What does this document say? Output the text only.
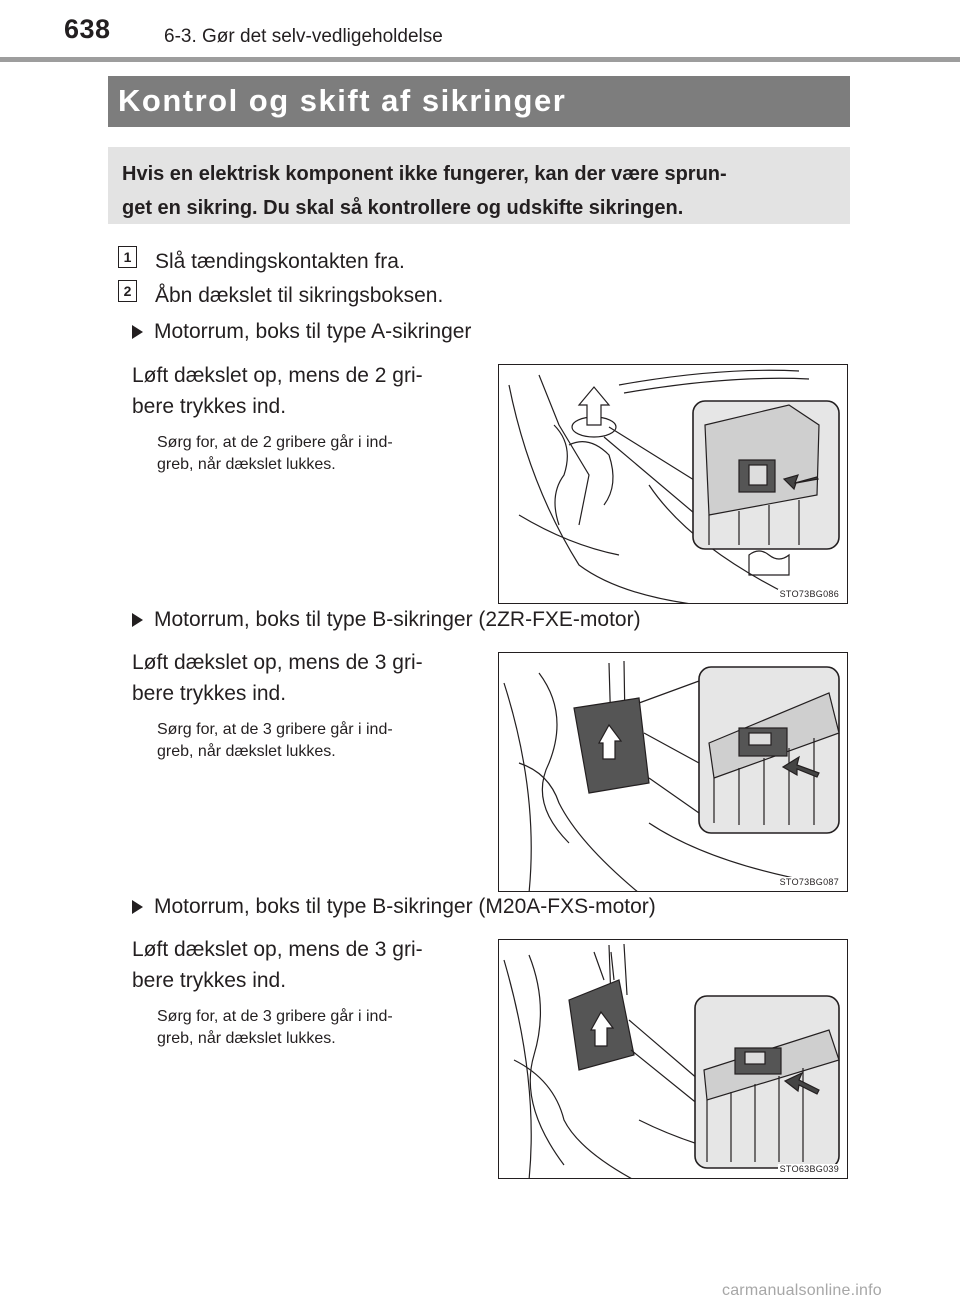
638	6-3. Gør det selv-vedligeholdelse
Kontrol og skift af sikringer

Hvis en elektrisk komponent ikke fungerer, kan der være sprun-

get en sikring. Du skal så kontrollere og udskifte sikringen.

1 Slå tændingskontakten fra.
2 Åbn dækslet til sikringsboksen.
Motorrum, boks til type A-sikringer
Løft dækslet op, mens de 2 gri-
bere trykkes ind.
Sørg for, at de 2 gribere går i ind-
greb, når dækslet lukkes.
STO73BG086
Motorrum, boks til type B-sikringer (2ZR-FXE-motor)
Løft dækslet op, mens de 3 gri-
bere trykkes ind.
Sørg for, at de 3 gribere går i ind-
greb, når dækslet lukkes.
STO73BG087
Motorrum, boks til type B-sikringer (M20A-FXS-motor)
Løft dækslet op, mens de 3 gri-
bere trykkes ind.
Sørg for, at de 3 gribere går i ind-
greb, når dækslet lukkes.
STO63BG039
carmanualsonline.info
